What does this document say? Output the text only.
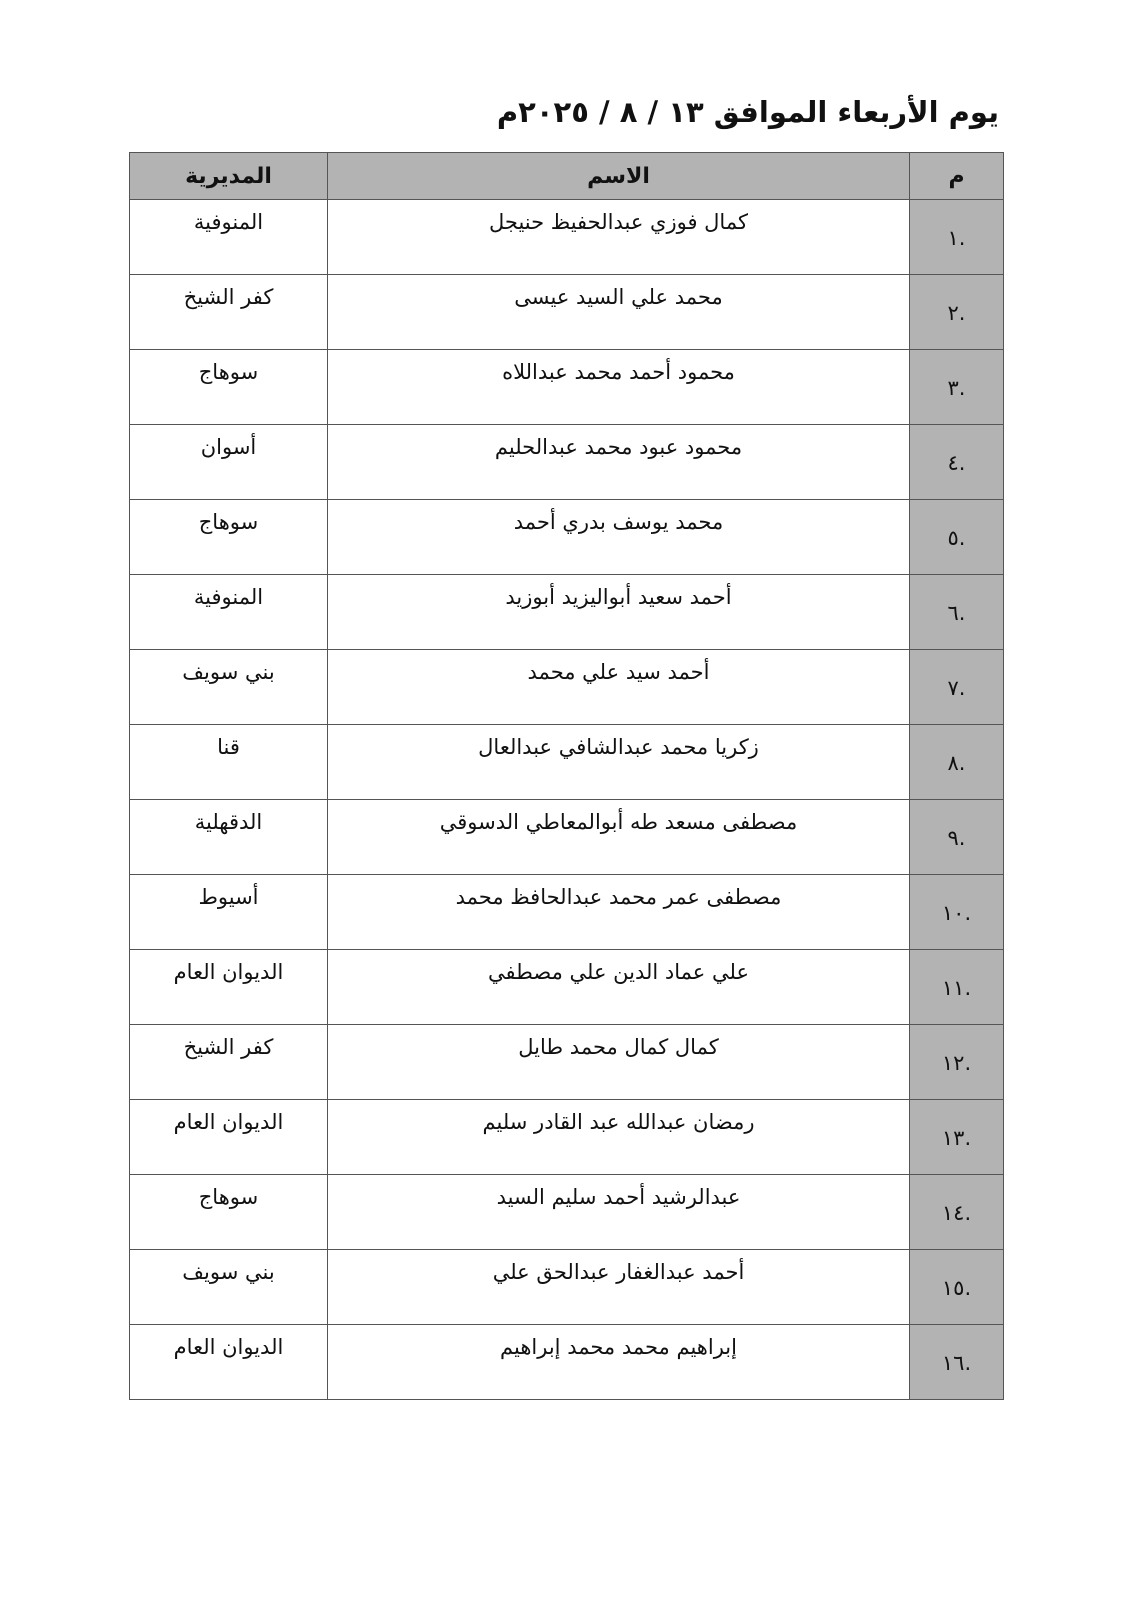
يوم الأربعاء الموافق ١٣ / ٨ / ٢٠٢٥م
م	الاسم	المديرية
.١	كمال فوزي عبدالحفيظ حنيجل	المنوفية
.٢	محمد علي السيد عيسى	كفر الشيخ
.٣	محمود أحمد محمد عبداللاه	سوهاج
.٤	محمود عبود محمد عبدالحليم	أسوان
.٥	محمد يوسف بدري أحمد	سوهاج
.٦	أحمد سعيد أبواليزيد أبوزيد	المنوفية
.٧	أحمد سيد علي محمد	بني سويف
.٨	زكريا محمد عبدالشافي عبدالعال	قنا
.٩	مصطفى مسعد طه أبوالمعاطي الدسوقي	الدقهلية
.١٠	مصطفى عمر محمد عبدالحافظ محمد	أسيوط
.١١	علي عماد الدين علي مصطفي	الديوان العام
.١٢	كمال كمال محمد طايل	كفر الشيخ
.١٣	رمضان عبدالله عبد القادر سليم	الديوان العام
.١٤	عبدالرشيد أحمد سليم السيد	سوهاج
.١٥	أحمد عبدالغفار عبدالحق علي	بني سويف
.١٦	إبراهيم محمد محمد إبراهيم	الديوان العام
